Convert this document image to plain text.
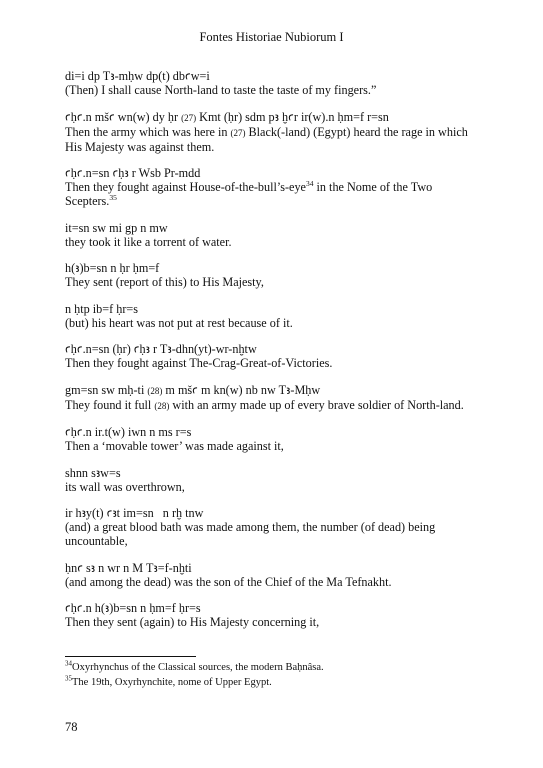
Fontes Historiae Nubiorum I
di=i dp Tꜣ-mḥw dp(t) dbꜥw=i
(Then) I shall cause North-land to taste the taste of my fingers.”
ꜥḥꜥ.n mšꜥ wn(w) dy ḥr (27) Kmt (ḥr) sdm pꜣ ḫꜥr ir(w).n ḥm=f r=sn
Then the army which was here in (27) Black(-land) (Egypt) heard the rage in which His Majesty was against them.
ꜥḥꜥ.n=sn ꜥḥꜣ r Wsb Pr-mdd
Then they fought against House-of-the-bull’s-eye$^{34}$ in the Nome of the Two Scepters.$^{35}$
it=sn sw mi gp n mw
they took it like a torrent of water.
h(ꜣ)b=sn n ḥr ḥm=f
They sent (report of this) to His Majesty,
n ḥtp ib=f ḥr=s
(but) his heart was not put at rest because of it.
ꜥḥꜥ.n=sn (ḥr) ꜥḥꜣ r Tꜣ-dhn(yt)-wr-nḫtw
Then they fought against The-Crag-Great-of-Victories.
gm=sn sw mḥ-ti (28) m mšꜥ m kn(w) nb nw Tꜣ-Mḥw
They found it full (28) with an army made up of every brave soldier of North-land.
ꜥḥꜥ.n ir.t(w) iwn n ms r=s
Then a ‘movable tower’ was made against it,
shnn sꜣw=s
its wall was overthrown,
ir hꜣy(t) ꜥꜣt im=sn   n rḫ tnw
(and) a great blood bath was made among them, the number (of dead) being uncountable,
ḥnꜥ sꜣ n wr n M Tꜣ=f-nḫti
(and among the dead) was the son of the Chief of the Ma Tefnakht.
ꜥḥꜥ.n h(ꜣ)b=sn n ḥm=f ḥr=s
Then they sent (again) to His Majesty concerning it,
$^{34}$Oxyrhynchus of the Classical sources, the modern Baḥnâsa.
$^{35}$The 19th, Oxyrhynchite, nome of Upper Egypt.
78
